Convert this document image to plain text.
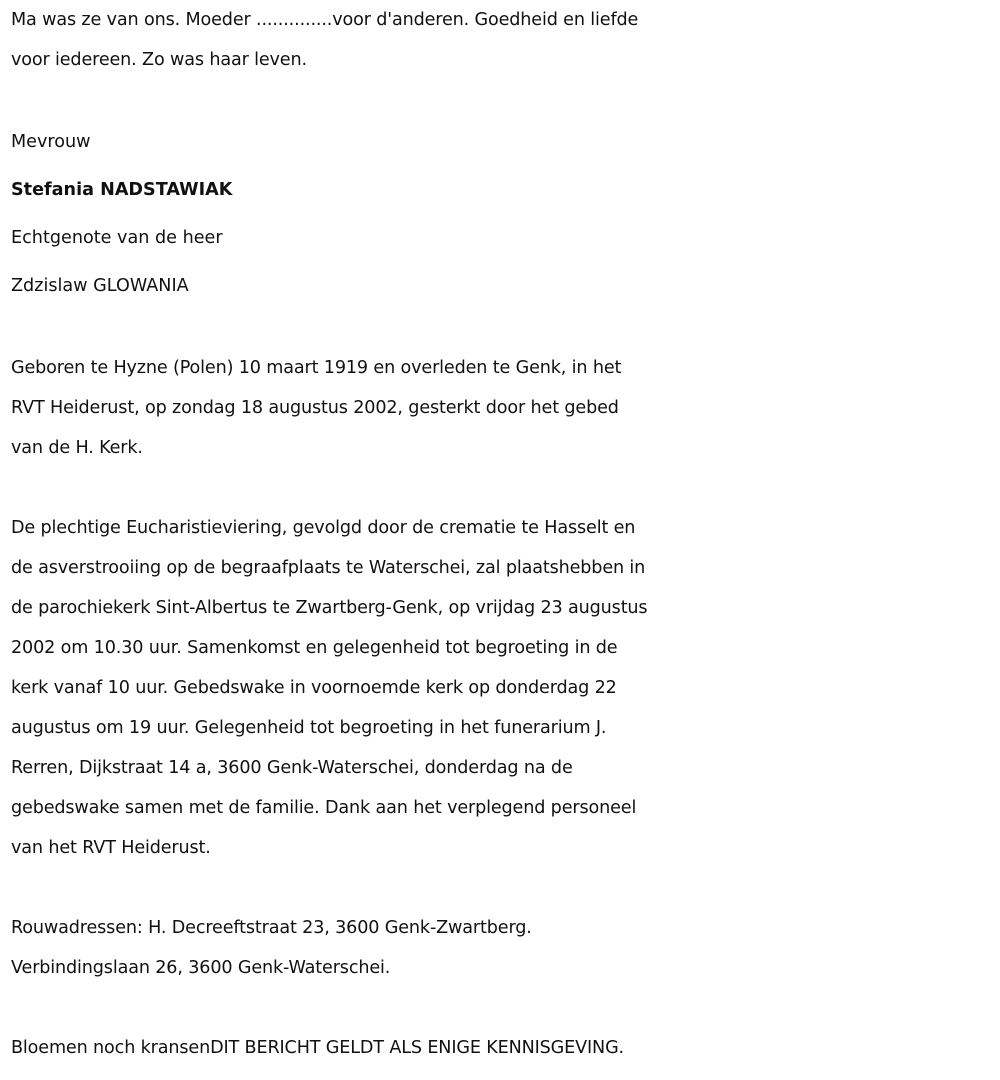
Ma was ze van ons. Moeder ..............voor d'anderen. Goedheid en liefde
voor iedereen. Zo was haar leven.
Mevrouw
Stefania NADSTAWIAK
Echtgenote van de heer
Zdzislaw GLOWANIA
Geboren te Hyzne (Polen) 10 maart 1919 en overleden te Genk, in het
RVT Heiderust, op zondag 18 augustus 2002, gesterkt door het gebed
van de H. Kerk.
De plechtige Eucharistieviering, gevolgd door de crematie te Hasselt en
de asverstrooiing op de begraafplaats te Waterschei, zal plaatshebben in
de parochiekerk Sint-Albertus te Zwartberg-Genk, op vrijdag 23 augustus
2002 om 10.30 uur. Samenkomst en gelegenheid tot begroeting in de
kerk vanaf 10 uur. Gebedswake in voornoemde kerk op donderdag 22
augustus om 19 uur. Gelegenheid tot begroeting in het funerarium J.
Rerren, Dijkstraat 14 a, 3600 Genk-Waterschei, donderdag na de
gebedswake samen met de familie. Dank aan het verplegend personeel
van het RVT Heiderust.
Rouwadressen: H. Decreeftstraat 23, 3600 Genk-Zwartberg.
Verbindingslaan 26, 3600 Genk-Waterschei.
Bloemen noch kransenDIT BERICHT GELDT ALS ENIGE KENNISGEVING.
